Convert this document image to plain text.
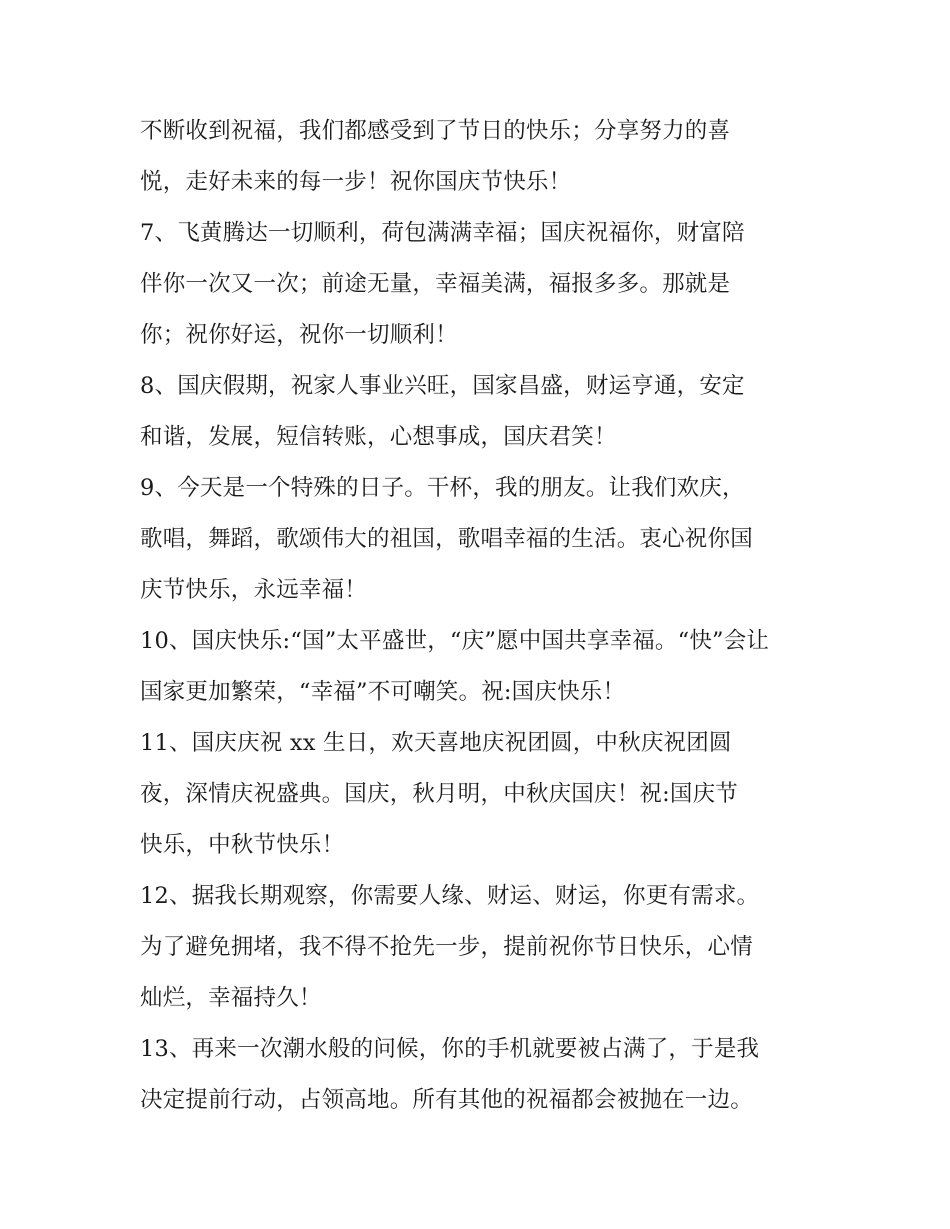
不断收到祝福，我们都感受到了节日的快乐；分享努力的喜
悦，走好未来的每一步！祝你国庆节快乐！
7、飞黄腾达一切顺利，荷包满满幸福；国庆祝福你，财富陪
伴你一次又一次；前途无量，幸福美满，福报多多。那就是
你；祝你好运，祝你一切顺利！
8、国庆假期，祝家人事业兴旺，国家昌盛，财运亨通，安定
和谐，发展，短信转账，心想事成，国庆君笑！
9、今天是一个特殊的日子。干杯，我的朋友。让我们欢庆，
歌唱，舞蹈，歌颂伟大的祖国，歌唱幸福的生活。衷心祝你国
庆节快乐，永远幸福！
10、国庆快乐:“国”太平盛世，“庆”愿中国共享幸福。“快”会让
国家更加繁荣，“幸福”不可嘲笑。祝:国庆快乐！
11、国庆庆祝 xx 生日，欢天喜地庆祝团圆，中秋庆祝团圆
夜，深情庆祝盛典。国庆，秋月明，中秋庆国庆！祝:国庆节
快乐，中秋节快乐！
12、据我长期观察，你需要人缘、财运、财运，你更有需求。
为了避免拥堵，我不得不抢先一步，提前祝你节日快乐，心情
灿烂，幸福持久！
13、再来一次潮水般的问候，你的手机就要被占满了，于是我
决定提前行动，占领高地。所有其他的祝福都会被抛在一边。
